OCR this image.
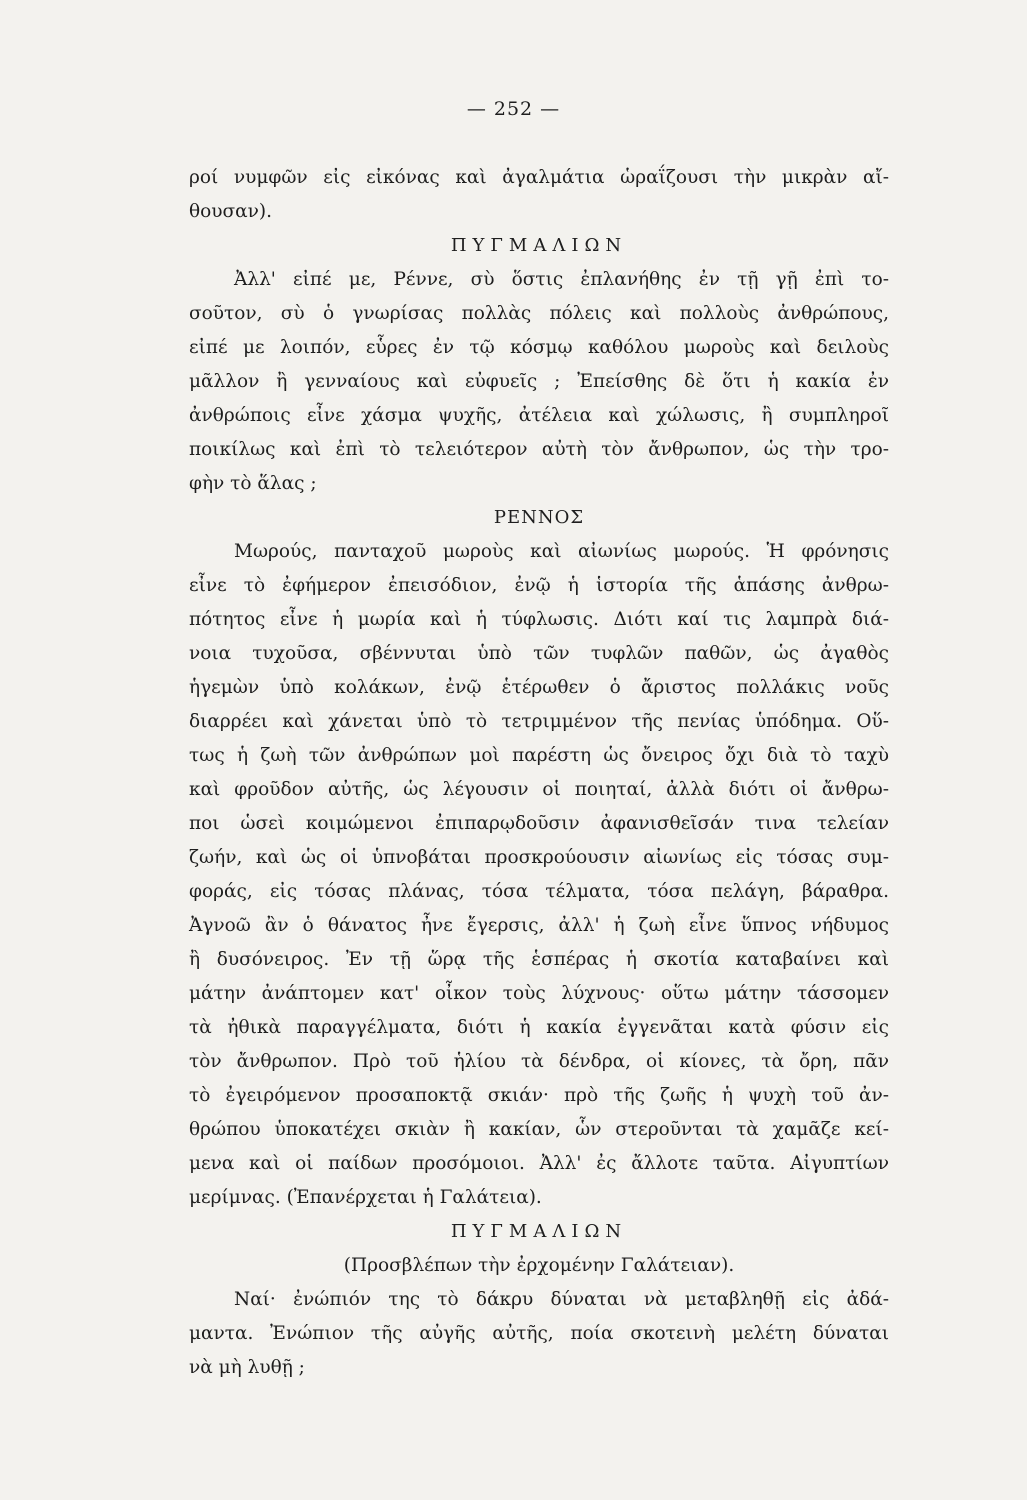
— 252 —
ροί νυμφῶν εἰς εἰκόνας καὶ ἀγαλμάτια ὡραΐζουσι τὴν μικρὰν αἴ-
θουσαν).
ΠΥΓΜΑΛΙΩΝ
Ἀλλ' εἰπέ με, Ρέννε, σὺ ὅστις ἐπλανήθης ἐν τῇ γῇ ἐπὶ το-
σοῦτον, σὺ ὁ γνωρίσας πολλὰς πόλεις καὶ πολλοὺς ἀνθρώπους,
εἰπέ με λοιπόν, εὗρες ἐν τῷ κόσμῳ καθόλου μωροὺς καὶ δειλοὺς
μᾶλλον ἢ γενναίους καὶ εὐφυεῖς ; Ἐπείσθης δὲ ὅτι ἡ κακία ἐν
ἀνθρώποις εἶνε χάσμα ψυχῆς, ἀτέλεια καὶ χώλωσις, ἢ συμπληροῖ
ποικίλως καὶ ἐπὶ τὸ τελειότερον αὐτὴ τὸν ἄνθρωπον, ὡς τὴν τρο-
φὴν τὸ ἅλας ;
ΡΕΝΝΟΣ
Μωρούς, πανταχοῦ μωροὺς καὶ αἰωνίως μωρούς. Ἡ φρόνησις
εἶνε τὸ ἐφήμερον ἐπεισόδιον, ἐνῷ ἡ ἱστορία τῆς ἁπάσης ἀνθρω-
πότητος εἶνε ἡ μωρία καὶ ἡ τύφλωσις. Διότι καί τις λαμπρὰ διά-
νοια τυχοῦσα, σβέννυται ὑπὸ τῶν τυφλῶν παθῶν, ὡς ἀγαθὸς
ἡγεμὼν ὑπὸ κολάκων, ἐνῷ ἑτέρωθεν ὁ ἄριστος πολλάκις νοῦς
διαρρέει καὶ χάνεται ὑπὸ τὸ τετριμμένον τῆς πενίας ὑπόδημα. Οὕ-
τως ἡ ζωὴ τῶν ἀνθρώπων μοὶ παρέστη ὡς ὄνειρος ὄχι διὰ τὸ ταχὺ
καὶ φροῦδον αὐτῆς, ὡς λέγουσιν οἱ ποιηταί, ἀλλὰ διότι οἱ ἄνθρω-
ποι ὡσεὶ κοιμώμενοι ἐπιπαρῳδοῦσιν ἀφανισθεῖσάν τινα τελείαν
ζωήν, καὶ ὡς οἱ ὑπνοβάται προσκρούουσιν αἰωνίως εἰς τόσας συμ-
φοράς, εἰς τόσας πλάνας, τόσα τέλματα, τόσα πελάγη, βάραθρα.
Ἀγνοῶ ἂν ὁ θάνατος ἦνε ἔγερσις, ἀλλ' ἡ ζωὴ εἶνε ὕπνος νήδυμος
ἢ δυσόνειρος. Ἐν τῇ ὥρᾳ τῆς ἑσπέρας ἡ σκοτία καταβαίνει καὶ
μάτην ἀνάπτομεν κατ' οἶκον τοὺς λύχνους· οὕτω μάτην τάσσομεν
τὰ ἠθικὰ παραγγέλματα, διότι ἡ κακία ἐγγενᾶται κατὰ φύσιν εἰς
τὸν ἄνθρωπον. Πρὸ τοῦ ἡλίου τὰ δένδρα, οἱ κίονες, τὰ ὄρη, πᾶν
τὸ ἐγειρόμενον προσαποκτᾷ σκιάν· πρὸ τῆς ζωῆς ἡ ψυχὴ τοῦ ἀν-
θρώπου ὑποκατέχει σκιὰν ἢ κακίαν, ὧν στεροῦνται τὰ χαμᾶζε κεί-
μενα καὶ οἱ παίδων προσόμοιοι. Ἀλλ' ἐς ἄλλοτε ταῦτα. Αἰγυπτίων
μερίμνας. (Ἐπανέρχεται ἡ Γαλάτεια).
ΠΥΓΜΑΛΙΩΝ
(Προσβλέπων τὴν ἐρχομένην Γαλάτειαν).
Ναί· ἐνώπιόν της τὸ δάκρυ δύναται νὰ μεταβληθῇ εἰς ἀδά-
μαντα. Ἐνώπιον τῆς αὐγῆς αὐτῆς, ποία σκοτεινὴ μελέτη δύναται
νὰ μὴ λυθῇ ;
